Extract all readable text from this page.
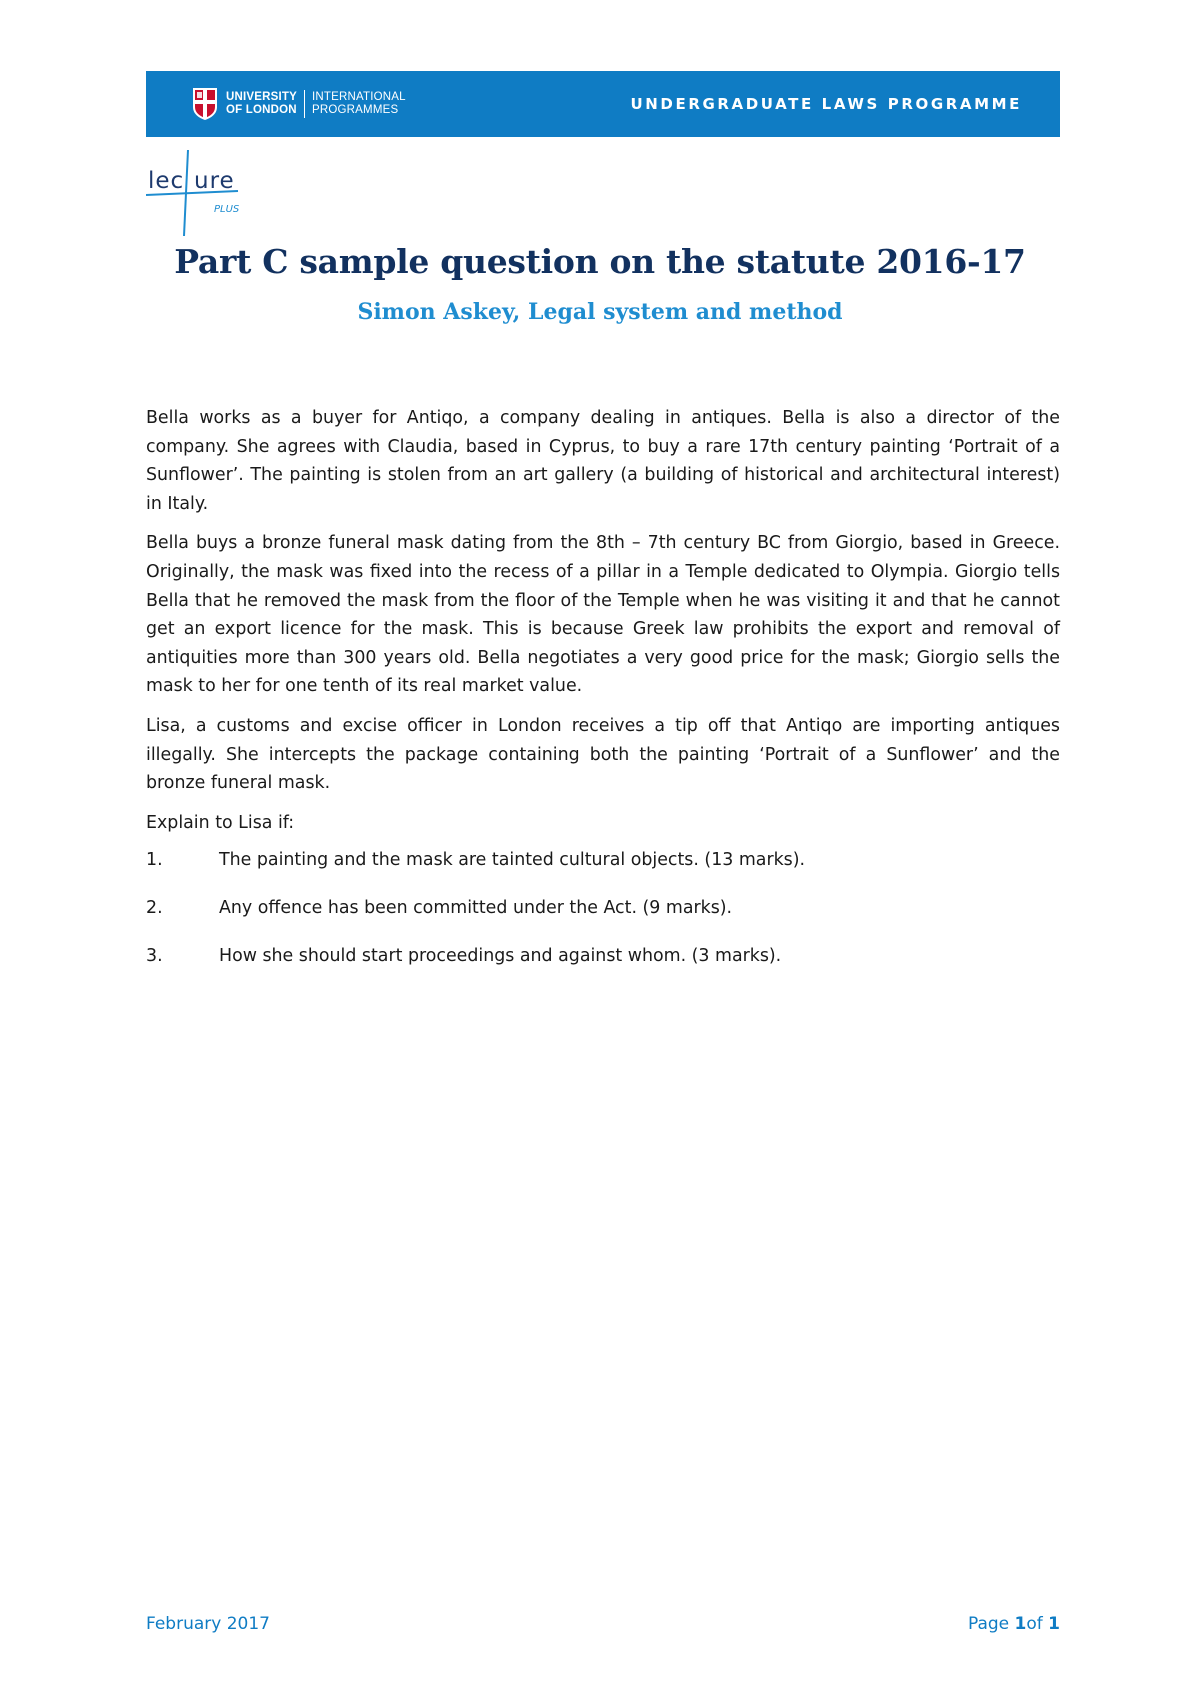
UNIVERSITY
OF LONDON
INTERNATIONAL
PROGRAMMES	UNDERGRADUATE LAWS PROGRAMME
lec ure
PLUS
Part C sample question on the statute 2016-17
Simon Askey, Legal system and method

Bella works as a buyer for Antiqo, a company dealing in antiques. Bella is also a director of the company. She agrees with Claudia, based in Cyprus, to buy a rare 17th century painting ‘Portrait of a Sunflower’. The painting is stolen from an art gallery (a building of historical and architectural interest) in Italy.

Bella buys a bronze funeral mask dating from the 8th – 7th century BC from Giorgio, based in Greece. Originally, the mask was fixed into the recess of a pillar in a Temple dedicated to Olympia. Giorgio tells Bella that he removed the mask from the floor of the Temple when he was visiting it and that he cannot get an export licence for the mask. This is because Greek law prohibits the export and removal of antiquities more than 300 years old. Bella negotiates a very good price for the mask; Giorgio sells the mask to her for one tenth of its real market value.

Lisa, a customs and excise officer in London receives a tip off that Antiqo are importing antiques illegally. She intercepts the package containing both the painting ‘Portrait of a Sunflower’ and the bronze funeral mask.

Explain to Lisa if:

1.	The painting and the mask are tainted cultural objects. (13 marks).
2.	Any offence has been committed under the Act. (9 marks).
3.	How she should start proceedings and against whom. (3 marks).
February 2017	Page 1of 1
